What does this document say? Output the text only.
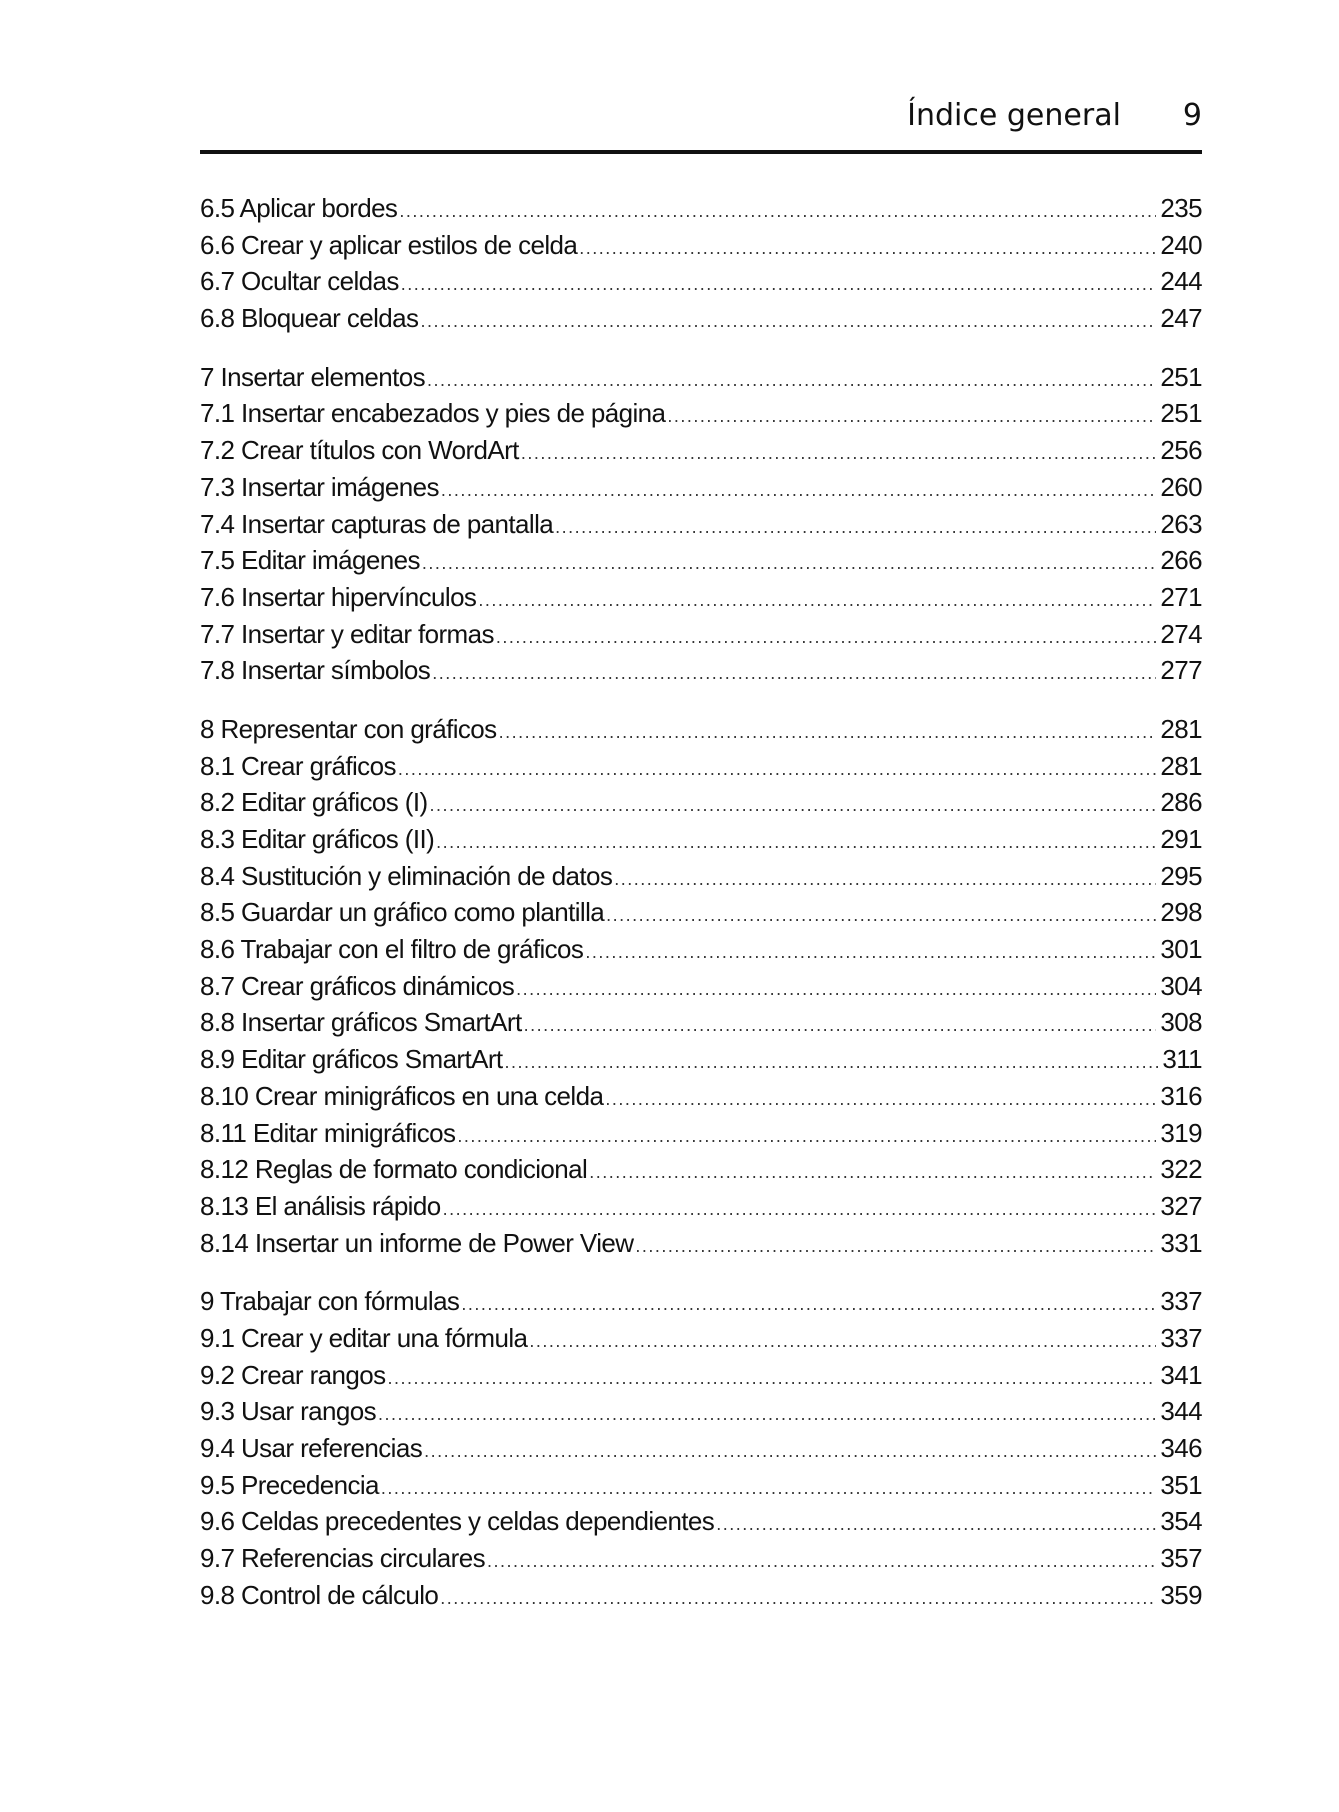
Índice general 9
6.5 Aplicar bordes .....	235
6.6 Crear y aplicar estilos de celda .....	240
6.7 Ocultar celdas .....	244
6.8 Bloquear celdas .....	247
7 Insertar elementos .....	251
7.1 Insertar encabezados y pies de página .....	251
7.2 Crear títulos con WordArt .....	256
7.3 Insertar imágenes .....	260
7.4 Insertar capturas de pantalla .....	263
7.5 Editar imágenes .....	266
7.6 Insertar hipervínculos .....	271
7.7 Insertar y editar formas .....	274
7.8 Insertar símbolos .....	277
8 Representar con gráficos .....	281
8.1 Crear gráficos .....	281
8.2 Editar gráficos (I) .....	286
8.3 Editar gráficos (II) .....	291
8.4 Sustitución y eliminación de datos .....	295
8.5 Guardar un gráfico como plantilla .....	298
8.6 Trabajar con el filtro de gráficos .....	301
8.7 Crear gráficos dinámicos .....	304
8.8 Insertar gráficos SmartArt .....	308
8.9 Editar gráficos SmartArt .....	311
8.10 Crear minigráficos en una celda .....	316
8.11 Editar minigráficos .....	319
8.12 Reglas de formato condicional .....	322
8.13 El análisis rápido .....	327
8.14 Insertar un informe de Power View .....	331
9 Trabajar con fórmulas .....	337
9.1 Crear y editar una fórmula .....	337
9.2 Crear rangos .....	341
9.3 Usar rangos .....	344
9.4 Usar referencias .....	346
9.5 Precedencia .....	351
9.6 Celdas precedentes y celdas dependientes .....	354
9.7 Referencias circulares .....	357
9.8 Control de cálculo .....	359
